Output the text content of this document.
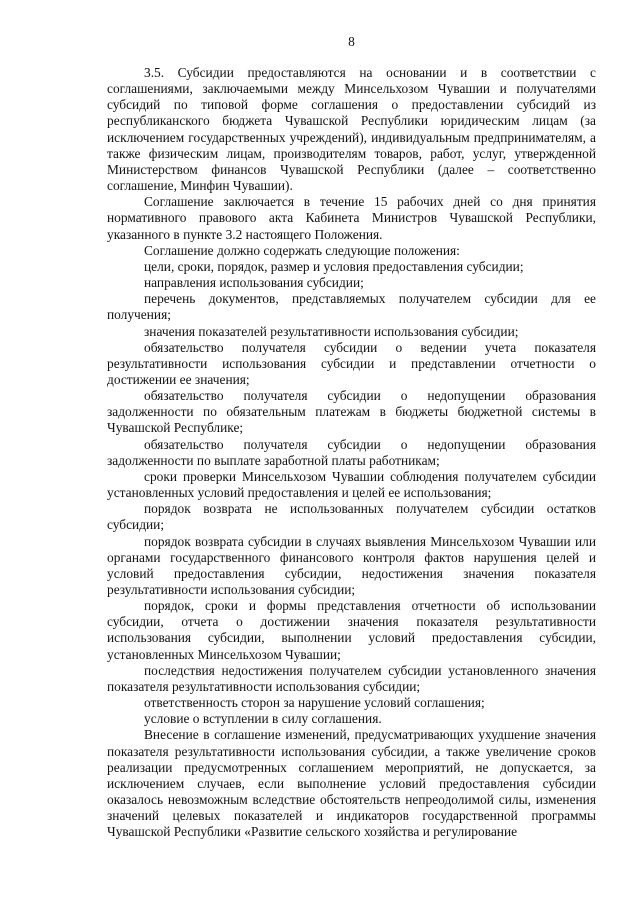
8

3.5. Субсидии предоставляются на основании и в соответствии с соглашениями, заключаемыми между Минсельхозом Чувашии и получателями субсидий по типовой форме соглашения о предоставлении субсидий из республиканского бюджета Чувашской Республики юридическим лицам (за исключением государственных учреждений), индивидуальным предпринимателям, а также физическим лицам, производителям товаров, работ, услуг, утвержденной Министерством финансов Чувашской Республики (далее – соответственно соглашение, Минфин Чувашии).

Соглашение заключается в течение 15 рабочих дней со дня принятия нормативного правового акта Кабинета Министров Чувашской Республики, указанного в пункте 3.2 настоящего Положения.

Соглашение должно содержать следующие положения:

цели, сроки, порядок, размер и условия предоставления субсидии;

направления использования субсидии;

перечень документов, представляемых получателем субсидии для ее получения;

значения показателей результативности использования субсидии;

обязательство получателя субсидии о ведении учета показателя результативности использования субсидии и представлении отчетности о достижении ее значения;

обязательство получателя субсидии о недопущении образования задолженности по обязательным платежам в бюджеты бюджетной системы в Чувашской Республике;

обязательство получателя субсидии о недопущении образования задолженности по выплате заработной платы работникам;

сроки проверки Минсельхозом Чувашии соблюдения получателем субсидии установленных условий предоставления и целей ее использования;

порядок возврата не использованных получателем субсидии остатков субсидии;

порядок возврата субсидии в случаях выявления Минсельхозом Чувашии или органами государственного финансового контроля фактов нарушения целей и условий предоставления субсидии, недостижения значения показателя результативности использования субсидии;

порядок, сроки и формы представления отчетности об использовании субсидии, отчета о достижении значения показателя результативности использования субсидии, выполнении условий предоставления субсидии, установленных Минсельхозом Чувашии;

последствия недостижения получателем субсидии установленного значения показателя результативности использования субсидии;

ответственность сторон за нарушение условий соглашения;

условие о вступлении в силу соглашения.

Внесение в соглашение изменений, предусматривающих ухудшение значения показателя результативности использования субсидии, а также увеличение сроков реализации предусмотренных соглашением мероприятий, не допускается, за исключением случаев, если выполнение условий предоставления субсидии оказалось невозможным вследствие обстоятельств непреодолимой силы, изменения значений целевых показателей и индикаторов государственной программы Чувашской Республики «Развитие сельского хозяйства и регулирование
